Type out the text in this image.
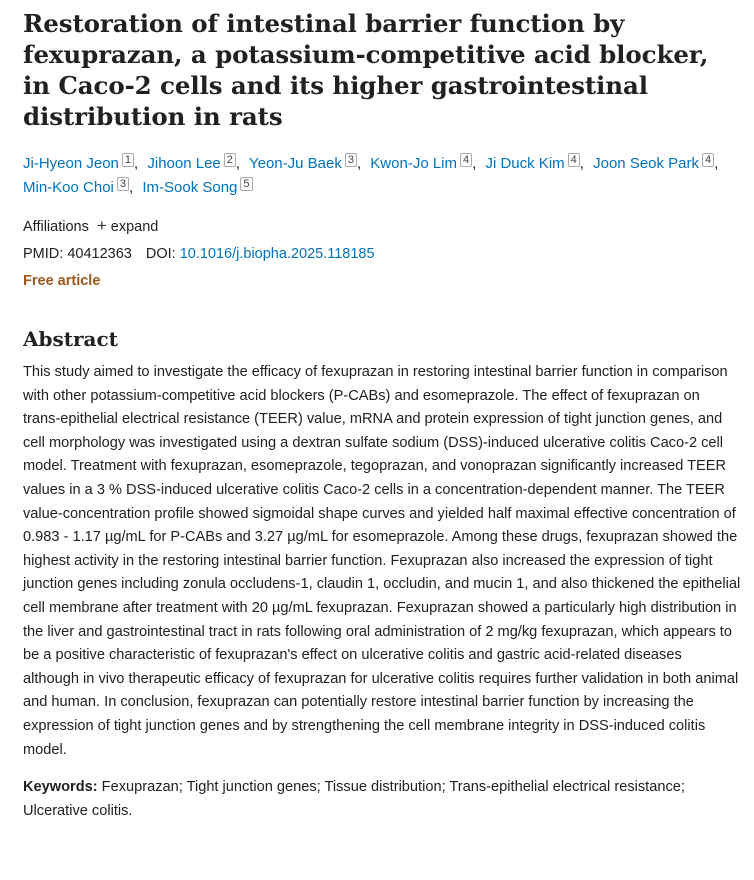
Restoration of intestinal barrier function by fexuprazan, a potassium-competitive acid blocker, in Caco-2 cells and its higher gastrointestinal distribution in rats
Ji-Hyeon Jeon $^1$ , Jihoon Lee $^2$ , Yeon-Ju Baek $^3$ , Kwon-Jo Lim $^4$ , Ji Duck Kim $^4$ , Joon Seok Park $^4$ ,
Min-Koo Choi $^3$ , Im-Sook Song $^5$
Affiliations + expand
PMID: 40412363 DOI: 10.1016/j.biopha.2025.118185
Free article
Abstract

This study aimed to investigate the efficacy of fexuprazan in restoring intestinal barrier function in comparison with other potassium-competitive acid blockers (P-CABs) and esomeprazole. The effect of fexuprazan on trans-epithelial electrical resistance (TEER) value, mRNA and protein expression of tight junction genes, and cell morphology was investigated using a dextran sulfate sodium (DSS)-induced ulcerative colitis Caco-2 cell model. Treatment with fexuprazan, esomeprazole, tegoprazan, and vonoprazan significantly increased TEER values in a 3 % DSS-induced ulcerative colitis Caco-2 cells in a concentration-dependent manner. The TEER value-concentration profile showed sigmoidal shape curves and yielded half maximal effective concentration of 0.983 - 1.17 µg/mL for P-CABs and 3.27 µg/mL for esomeprazole. Among these drugs, fexuprazan showed the highest activity in the restoring intestinal barrier function. Fexuprazan also increased the expression of tight junction genes including zonula occludens-1, claudin 1, occludin, and mucin 1, and also thickened the epithelial cell membrane after treatment with 20 µg/mL fexuprazan. Fexuprazan showed a particularly high distribution in the liver and gastrointestinal tract in rats following oral administration of 2 mg/kg fexuprazan, which appears to be a positive characteristic of fexuprazan's effect on ulcerative colitis and gastric acid-related diseases although in vivo therapeutic efficacy of fexuprazan for ulcerative colitis requires further validation in both animal and human. In conclusion, fexuprazan can potentially restore intestinal barrier function by increasing the expression of tight junction genes and by strengthening the cell membrane integrity in DSS-induced colitis model.

Keywords: Fexuprazan; Tight junction genes; Tissue distribution; Trans-epithelial electrical resistance; Ulcerative colitis.
